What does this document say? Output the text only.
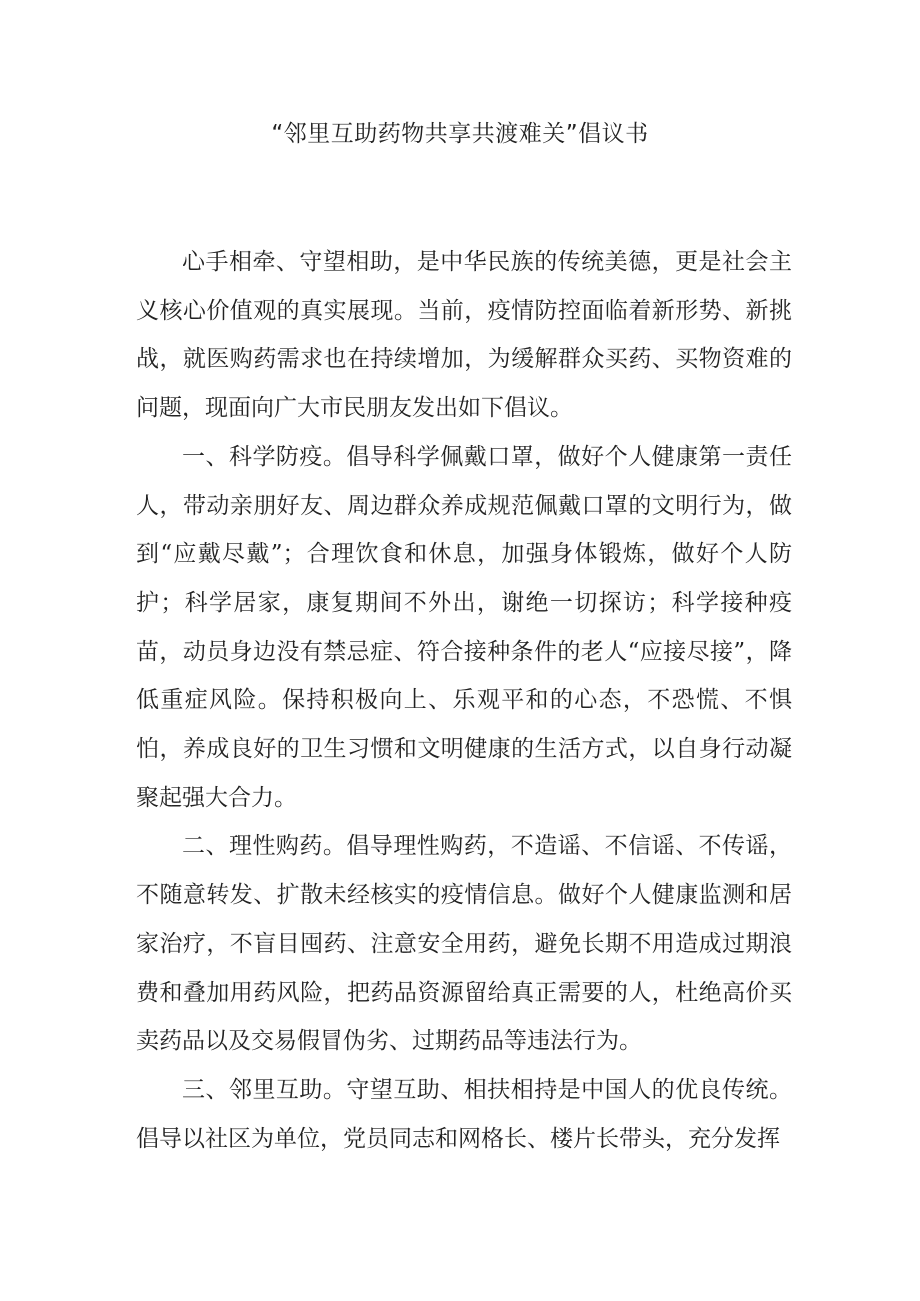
“邻里互助药物共享共渡难关”倡议书

心手相牵、守望相助，是中华民族的传统美德，更是社会主义核心价值观的真实展现。当前，疫情防控面临着新形势、新挑战，就医购药需求也在持续增加，为缓解群众买药、买物资难的问题，现面向广大市民朋友发出如下倡议。

一、科学防疫。倡导科学佩戴口罩，做好个人健康第一责任人，带动亲朋好友、周边群众养成规范佩戴口罩的文明行为，做到“应戴尽戴”；合理饮食和休息，加强身体锻炼，做好个人防护；科学居家，康复期间不外出，谢绝一切探访；科学接种疫苗，动员身边没有禁忌症、符合接种条件的老人“应接尽接”，降低重症风险。保持积极向上、乐观平和的心态，不恐慌、不惧怕，养成良好的卫生习惯和文明健康的生活方式，以自身行动凝聚起强大合力。

二、理性购药。倡导理性购药，不造谣、不信谣、不传谣，不随意转发、扩散未经核实的疫情信息。做好个人健康监测和居家治疗，不盲目囤药、注意安全用药，避免长期不用造成过期浪费和叠加用药风险，把药品资源留给真正需要的人，杜绝高价买卖药品以及交易假冒伪劣、过期药品等违法行为。

三、邻里互助。守望互助、相扶相持是中国人的优良传统。倡导以社区为单位，党员同志和网格长、楼片长带头，充分发挥
